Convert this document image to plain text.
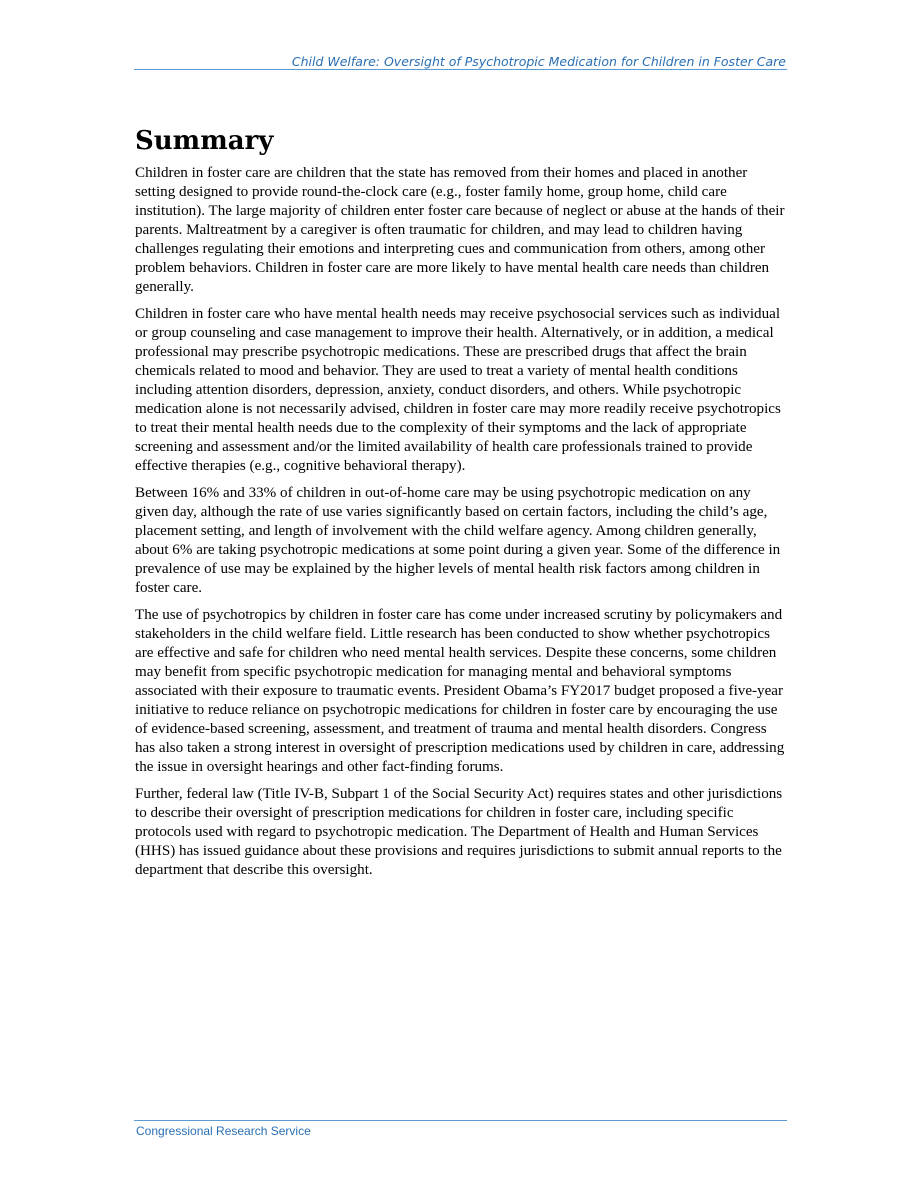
Child Welfare: Oversight of Psychotropic Medication for Children in Foster Care
Summary

Children in foster care are children that the state has removed from their homes and placed in another setting designed to provide round-the-clock care (e.g., foster family home, group home, child care institution). The large majority of children enter foster care because of neglect or abuse at the hands of their parents. Maltreatment by a caregiver is often traumatic for children, and may lead to children having challenges regulating their emotions and interpreting cues and communication from others, among other problem behaviors. Children in foster care are more likely to have mental health care needs than children generally.

Children in foster care who have mental health needs may receive psychosocial services such as individual or group counseling and case management to improve their health. Alternatively, or in addition, a medical professional may prescribe psychotropic medications. These are prescribed drugs that affect the brain chemicals related to mood and behavior. They are used to treat a variety of mental health conditions including attention disorders, depression, anxiety, conduct disorders, and others. While psychotropic medication alone is not necessarily advised, children in foster care may more readily receive psychotropics to treat their mental health needs due to the complexity of their symptoms and the lack of appropriate screening and assessment and/or the limited availability of health care professionals trained to provide effective therapies (e.g., cognitive behavioral therapy).

Between 16% and 33% of children in out-of-home care may be using psychotropic medication on any given day, although the rate of use varies significantly based on certain factors, including the child’s age, placement setting, and length of involvement with the child welfare agency. Among children generally, about 6% are taking psychotropic medications at some point during a given year. Some of the difference in prevalence of use may be explained by the higher levels of mental health risk factors among children in foster care.

The use of psychotropics by children in foster care has come under increased scrutiny by policymakers and stakeholders in the child welfare field. Little research has been conducted to show whether psychotropics are effective and safe for children who need mental health services. Despite these concerns, some children may benefit from specific psychotropic medication for managing mental and behavioral symptoms associated with their exposure to traumatic events. President Obama’s FY2017 budget proposed a five-year initiative to reduce reliance on psychotropic medications for children in foster care by encouraging the use of evidence-based screening, assessment, and treatment of trauma and mental health disorders. Congress has also taken a strong interest in oversight of prescription medications used by children in care, addressing the issue in oversight hearings and other fact-finding forums.

Further, federal law (Title IV-B, Subpart 1 of the Social Security Act) requires states and other jurisdictions to describe their oversight of prescription medications for children in foster care, including specific protocols used with regard to psychotropic medication. The Department of Health and Human Services (HHS) has issued guidance about these provisions and requires jurisdictions to submit annual reports to the department that describe this oversight.

Congressional Research Service
